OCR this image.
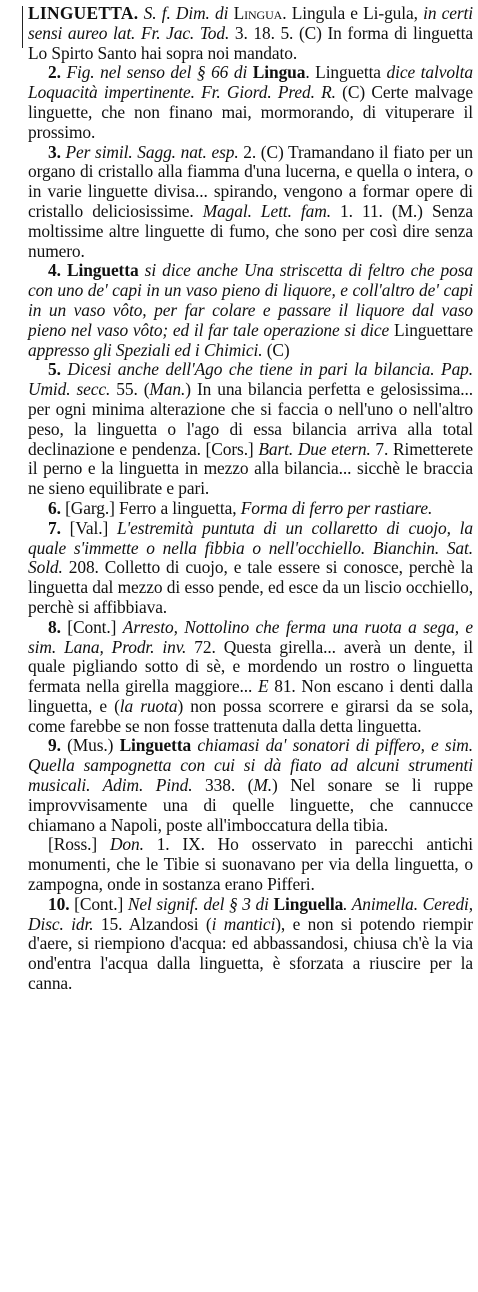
LINGUETTA. S. f. Dim. di Lingua. Lingula e Li-gula, in certi sensi aureo lat. Fr. Jac. Tod. 3. 18. 5. (C) In forma di linguetta Lo Spirto Santo hai sopra noi mandato.

2. Fig. nel senso del § 66 di Lingua. Linguetta dice talvolta Loquacità impertinente. Fr. Giord. Pred. R. (C) Certe malvage linguette, che non finano mai, mormorando, di vituperare il prossimo.

3. Per simil. Sagg. nat. esp. 2. (C) Tramandano il fiato per un organo di cristallo alla fiamma d'una lucerna, e quella o intera, o in varie linguette divisa... spirando, vengono a formar opere di cristallo deliciosissime. Magal. Lett. fam. 1. 11. (M.) Senza moltissime altre linguette di fumo, che sono per così dire senza numero.

4. Linguetta si dice anche Una striscetta di feltro che posa con uno de' capi in un vaso pieno di liquore, e coll'altro de' capi in un vaso vôto, per far colare e passare il liquore dal vaso pieno nel vaso vôto; ed il far tale operazione si dice Linguettare appresso gli Speziali ed i Chimici. (C)

5. Dicesi anche dell'Ago che tiene in pari la bilancia. Pap. Umid. secc. 55. (Man.) In una bilancia perfetta e gelosissima... per ogni minima alterazione che si faccia o nell'uno o nell'altro peso, la linguetta o l'ago di essa bilancia arriva alla total declinazione e pendenza. [Cors.] Bart. Due etern. 7. Rimetterete il perno e la linguetta in mezzo alla bilancia... sicchè le braccia ne sieno equilibrate e pari.

6. [Garg.] Ferro a linguetta, Forma di ferro per rastiare.

7. [Val.] L'estremità puntuta di un collaretto di cuojo, la quale s'immette o nella fibbia o nell'occhiello. Bianchin. Sat. Sold. 208. Colletto di cuojo, e tale essere si conosce, perchè la linguetta dal mezzo di esso pende, ed esce da un liscio occhiello, perchè si affibbiava.

8. [Cont.] Arresto, Nottolino che ferma una ruota a sega, e sim. Lana, Prodr. inv. 72. Questa girella... averà un dente, il quale pigliando sotto di sè, e mordendo un rostro o linguetta fermata nella girella maggiore... E 81. Non escano i denti dalla linguetta, e (la ruota) non possa scorrere e girarsi da se sola, come farebbe se non fosse trattenuta dalla detta linguetta.

9. (Mus.) Linguetta chiamasi da' sonatori di piffero, e sim. Quella sampognetta con cui si dà fiato ad alcuni strumenti musicali. Adim. Pind. 338. (M.) Nel sonare se li ruppe improvvisamente una di quelle linguette, che cannucce chiamano a Napoli, poste all'imboccatura della tibia.

[Ross.] Don. 1. IX. Ho osservato in parecchi antichi monumenti, che le Tibie si suonavano per via della linguetta, o zampogna, onde in sostanza erano Pifferi.

10. [Cont.] Nel signif. del § 3 di Linguella. Animella. Ceredi, Disc. idr. 15. Alzandosi (i mantici), e non si potendo riempir d'aere, si riempiono d'acqua: ed abbassandosi, chiusa ch'è la via ond'entra l'acqua dalla linguetta, è sforzata a riuscire per la canna.
